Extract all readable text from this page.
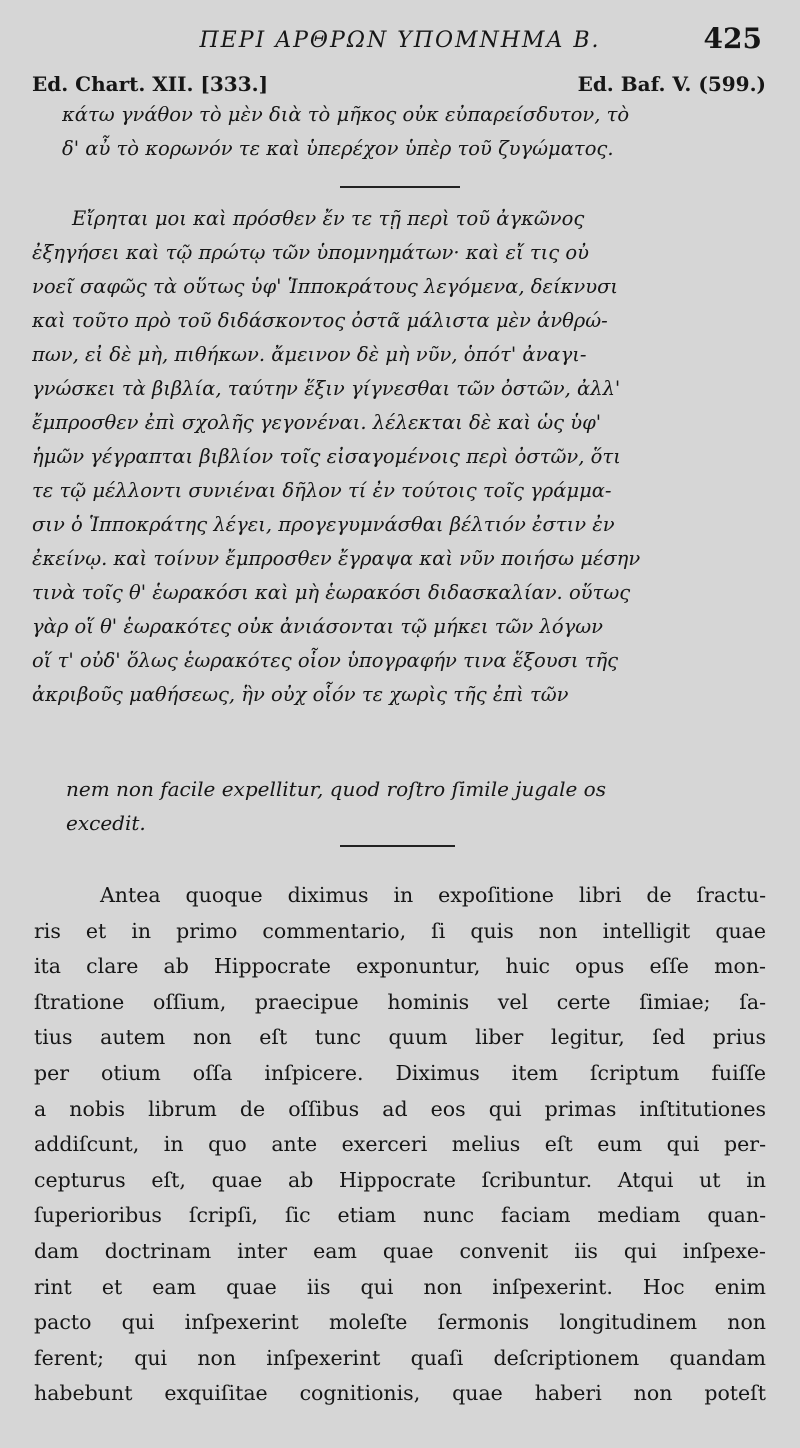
ΠΕΡΙ ΑΡΘΡΩΝ ΥΠΟΜΝΗΜΑ Β.	425
Ed. Chart. XII. [333.]	Ed. Baf. V. (599.)
κάτω γνάθον τὸ μὲν διὰ τὸ μῆκος οὐκ εὐπαρείσδυτον, τὸ
δ' αὖ τὸ κορωνόν τε καὶ ὑπερέχον ὑπὲρ τοῦ ζυγώματος.
Εἴρηται μοι καὶ πρόσθεν ἔν τε τῇ περὶ τοῦ ἀγκῶνος
ἐξηγήσει καὶ τῷ πρώτῳ τῶν ὑπομνημάτων· καὶ εἴ τις οὐ
νοεῖ σαφῶς τὰ οὕτως ὑφ' Ἱπποκράτους λεγόμενα, δείκνυσι
καὶ τοῦτο πρὸ τοῦ διδάσκοντος ὀστᾶ μάλιστα μὲν ἀνθρώ-
πων, εἰ δὲ μὴ, πιθήκων. ἄμεινον δὲ μὴ νῦν, ὁπότ' ἀναγι-
γνώσκει τὰ βιβλία, ταύτην ἕξιν γίγνεσθαι τῶν ὀστῶν, ἀλλ'
ἔμπροσθεν ἐπὶ σχολῆς γεγονέναι. λέλεκται δὲ καὶ ὡς ὑφ'
ἡμῶν γέγραπται βιβλίον τοῖς εἰσαγομένοις περὶ ὀστῶν, ὅτι
τε τῷ μέλλοντι συνιέναι δῆλον τί ἐν τούτοις τοῖς γράμμα-
σιν ὁ Ἱπποκράτης λέγει, προγεγυμνάσθαι βέλτιόν ἐστιν ἐν
ἐκείνῳ. καὶ τοίνυν ἔμπροσθεν ἔγραψα καὶ νῦν ποιήσω μέσην
τινὰ τοῖς θ' ἑωρακόσι καὶ μὴ ἑωρακόσι διδασκαλίαν. οὕτως
γὰρ οἵ θ' ἑωρακότες οὐκ ἀνιάσονται τῷ μήκει τῶν λόγων
οἵ τ' οὐδ' ὅλως ἑωρακότες οἷον ὑπογραφήν τινα ἕξουσι τῆς
ἀκριβοῦς μαθήσεως, ἣν οὐχ οἷόν τε χωρὶς τῆς ἐπὶ τῶν
nem non facile expellitur, quod roſtro ſimile jugale os
excedit.
Antea quoque diximus in expoſitione libri de ſractu-
ris et in primo commentario, ſi quis non intelligit quae
ita clare ab Hippocrate exponuntur, huic opus eſſe mon-
ſtratione oſſium, praecipue hominis vel certe ſimiae; ſa-
tius autem non eſt tunc quum liber legitur, ſed prius
per otium oſſa inſpicere. Diximus item ſcriptum fuiſſe
a nobis librum de oſſibus ad eos qui primas inſtitutiones
addiſcunt, in quo ante exerceri melius eſt eum qui per-
cepturus eſt, quae ab Hippocrate ſcribuntur. Atqui ut in
ſuperioribus ſcripſi, ſic etiam nunc faciam mediam quan-
dam doctrinam inter eam quae convenit iis qui inſpexe-
rint et eam quae iis qui non inſpexerint. Hoc enim
pacto qui inſpexerint moleſte ſermonis longitudinem non
ferent; qui non inſpexerint quaſi deſcriptionem quandam
habebunt exquiſitae cognitionis, quae haberi non poteſt
